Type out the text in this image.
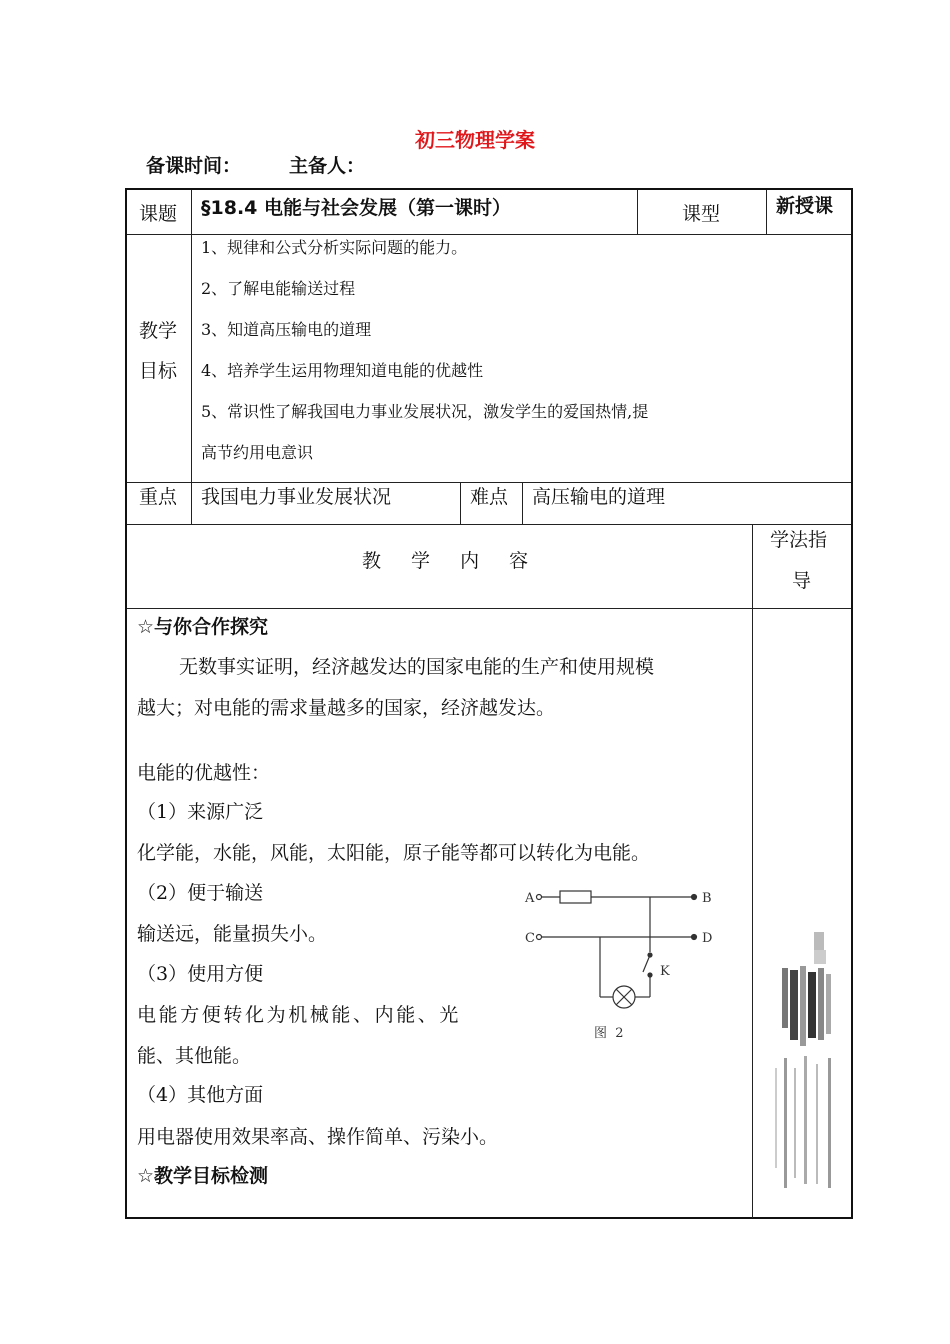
初三物理学案
备课时间：	主备人：
课题 §18.4 电能与社会发展（第一课时）	课型	新授课
教学
目标
1、规律和公式分析实际问题的能力。
2、了解电能输送过程
3、知道高压输电的道理
4、培养学生运用物理知道电能的优越性
5、常识性了解我国电力事业发展状况，激发学生的爱国热情,提
高节约用电意识
重点 我国电力事业发展状况	难点 高压输电的道理
教 学 内 容
学法指
导
☆与你合作探究
无数事实证明，经济越发达的国家电能的生产和使用规模
越大；对电能的需求量越多的国家，经济越发达。
电能的优越性：
（1）来源广泛
化学能，水能，风能，太阳能，原子能等都可以转化为电能。
（2）便于输送
输送远，能量损失小。
（3）使用方便
电能方便转化为机械能、内能、光
能、其他能。
（4）其他方面
用电器使用效果率高、操作简单、污染小。
☆教学目标检测
A	B
C	D
K
图  2
